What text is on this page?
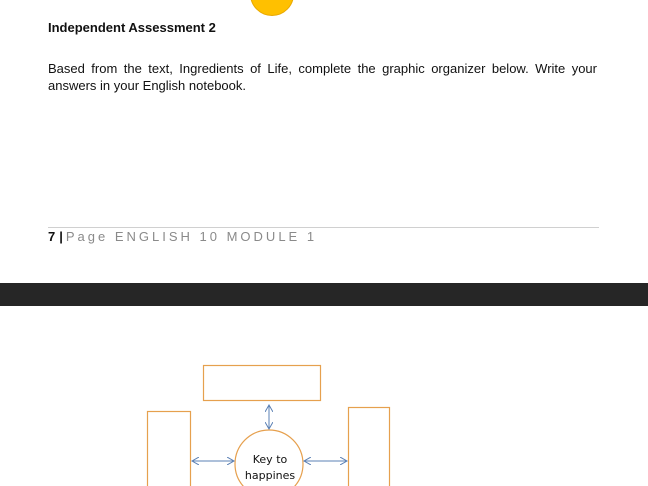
Independent Assessment 2
Based from the text, Ingredients of Life, complete the graphic organizer below. Write your answers in your English notebook.
7 | Page ENGLISH 10 MODULE 1
Key to
happines
